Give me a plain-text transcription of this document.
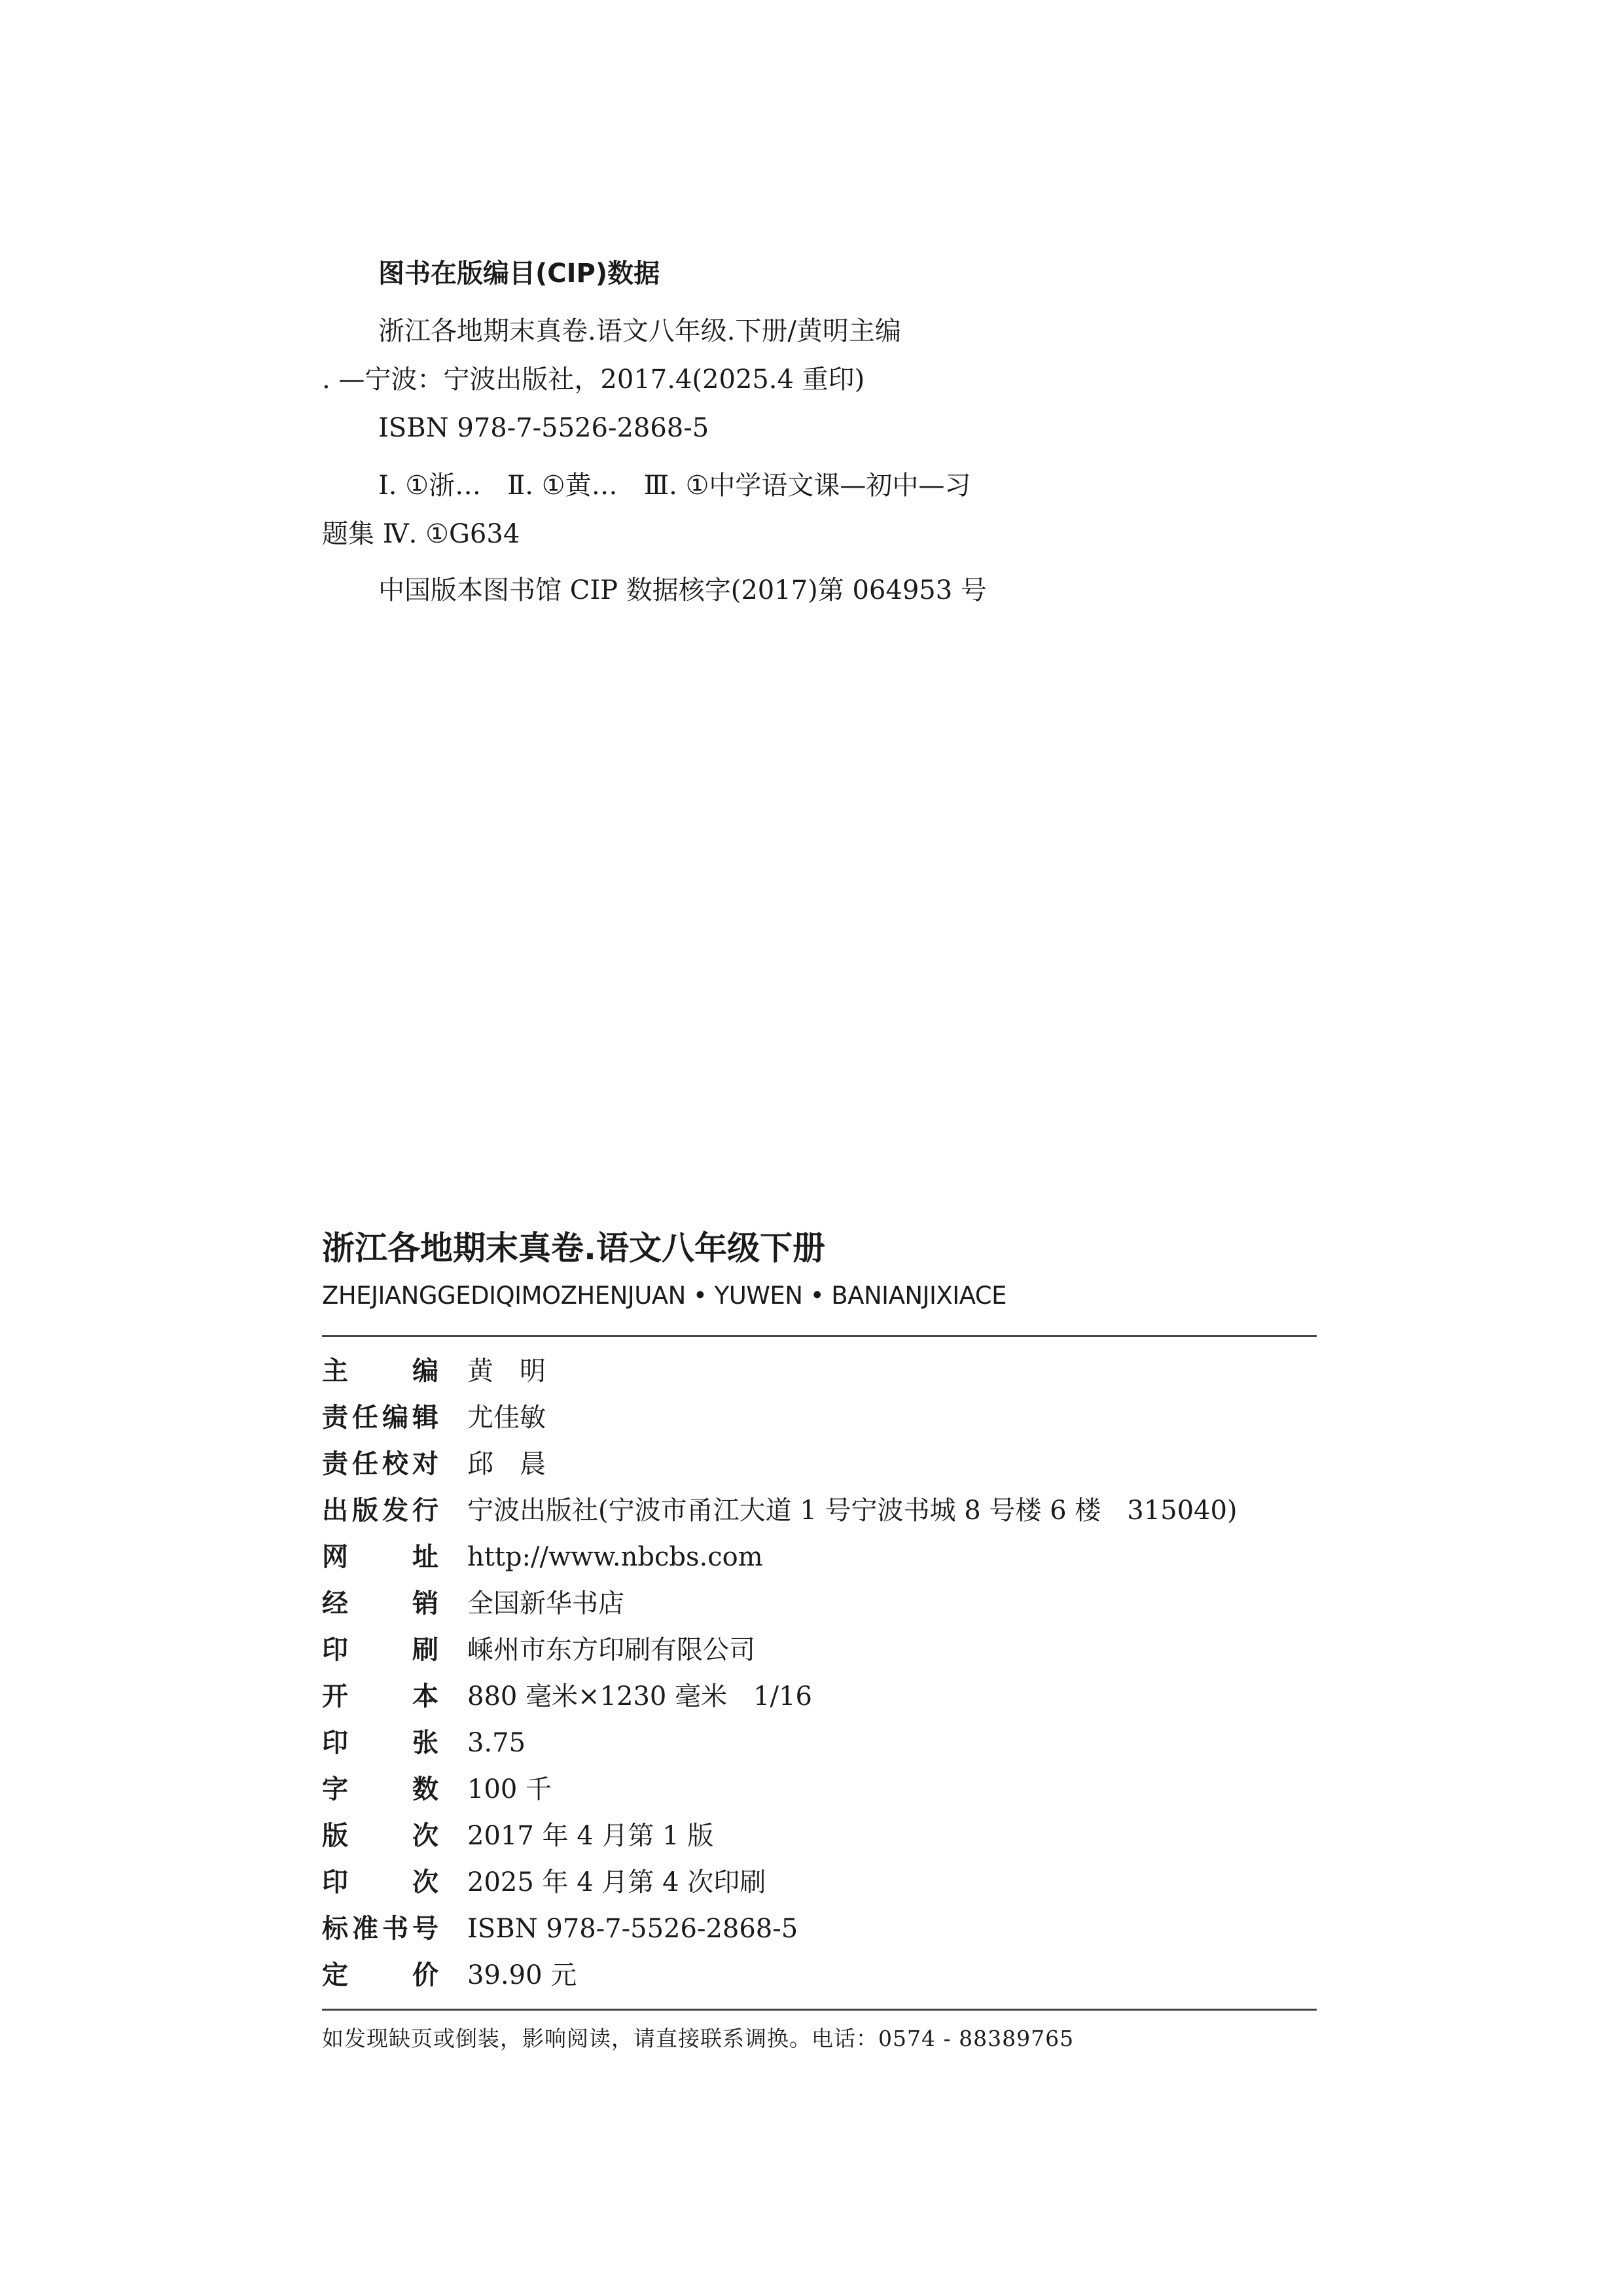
图书在版编目(CIP)数据
浙江各地期末真卷.语文八年级.下册/黄明主编
. —宁波：宁波出版社，2017.4(2025.4 重印)
ISBN 978-7-5526-2868-5
Ⅰ. ①浙…　Ⅱ. ①黄…　Ⅲ. ①中学语文课—初中—习
题集 Ⅳ. ①G634
中国版本图书馆 CIP 数据核字(2017)第 064953 号
浙江各地期末真卷.语文八年级下册
ZHEJIANGGEDIQIMOZHENJUAN • YUWEN • BANIANJIXIACE
主编 黄　明
责任编辑 尤佳敏
责任校对 邱　晨
出版发行 宁波出版社(宁波市甬江大道 1 号宁波书城 8 号楼 6 楼　315040)
网址 http://www.nbcbs.com
经销 全国新华书店
印刷 嵊州市东方印刷有限公司
开本 880 毫米×1230 毫米　1/16
印张 3.75
字数 100 千
版次 2017 年 4 月第 1 版
印次 2025 年 4 月第 4 次印刷
标准书号 ISBN 978-7-5526-2868-5
定价 39.90 元
如发现缺页或倒装，影响阅读，请直接联系调换。电话：0574 - 88389765
